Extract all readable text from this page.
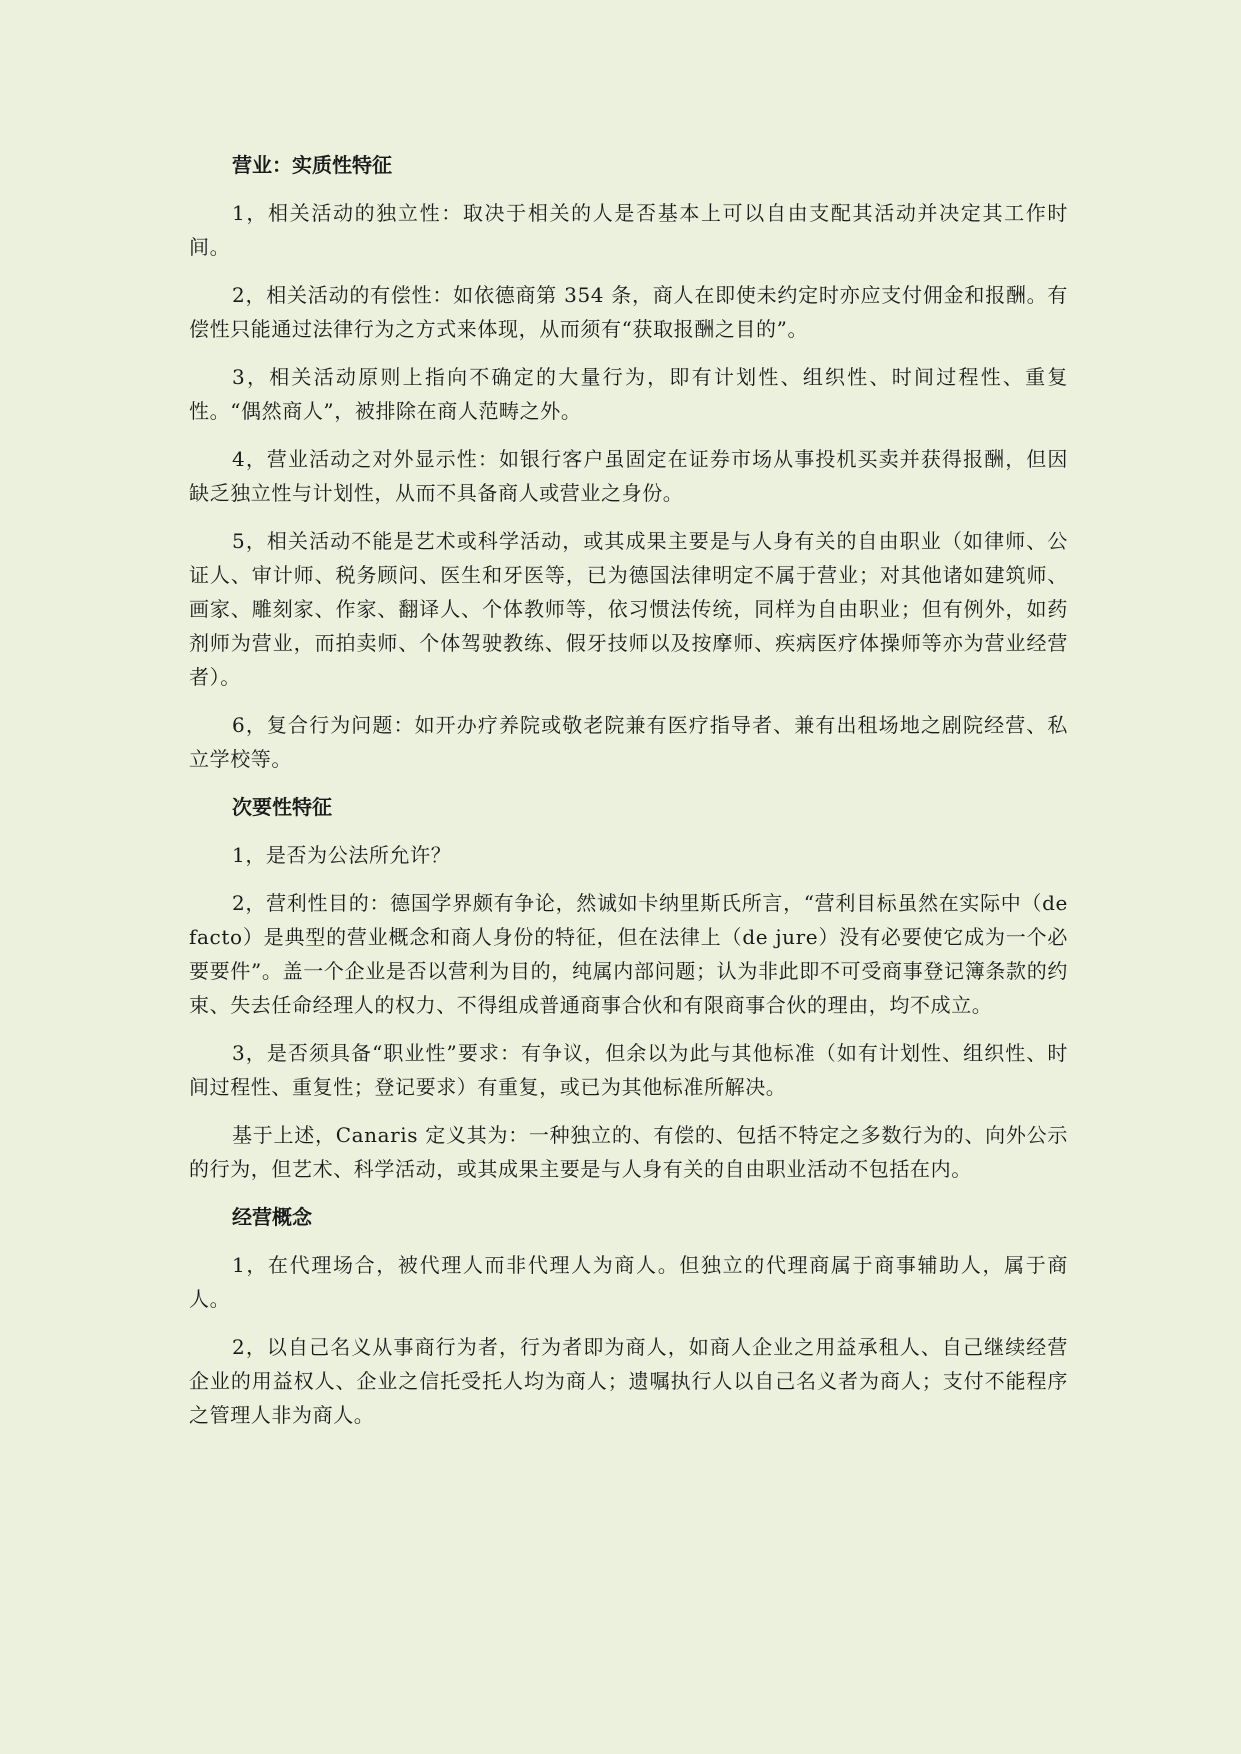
营业：实质性特征

1，相关活动的独立性：取决于相关的人是否基本上可以自由支配其活动并决定其工作时间。

2，相关活动的有偿性：如依德商第 354 条，商人在即使未约定时亦应支付佣金和报酬。有偿性只能通过法律行为之方式来体现，从而须有“获取报酬之目的”。

3，相关活动原则上指向不确定的大量行为，即有计划性、组织性、时间过程性、重复性。“偶然商人”，被排除在商人范畴之外。

4，营业活动之对外显示性：如银行客户虽固定在证券市场从事投机买卖并获得报酬，但因缺乏独立性与计划性，从而不具备商人或营业之身份。

5，相关活动不能是艺术或科学活动，或其成果主要是与人身有关的自由职业（如律师、公证人、审计师、税务顾问、医生和牙医等，已为德国法律明定不属于营业；对其他诸如建筑师、画家、雕刻家、作家、翻译人、个体教师等，依习惯法传统，同样为自由职业；但有例外，如药剂师为营业，而拍卖师、个体驾驶教练、假牙技师以及按摩师、疾病医疗体操师等亦为营业经营者）。

6，复合行为问题：如开办疗养院或敬老院兼有医疗指导者、兼有出租场地之剧院经营、私立学校等。

次要性特征

1，是否为公法所允许？

2，营利性目的：德国学界颇有争论，然诚如卡纳里斯氏所言，“营利目标虽然在实际中（de facto）是典型的营业概念和商人身份的特征，但在法律上（de jure）没有必要使它成为一个必要要件”。盖一个企业是否以营利为目的，纯属内部问题；认为非此即不可受商事登记簿条款的约束、失去任命经理人的权力、不得组成普通商事合伙和有限商事合伙的理由，均不成立。

3，是否须具备“职业性”要求：有争议，但余以为此与其他标准（如有计划性、组织性、时间过程性、重复性；登记要求）有重复，或已为其他标准所解决。

基于上述，Canaris 定义其为：一种独立的、有偿的、包括不特定之多数行为的、向外公示的行为，但艺术、科学活动，或其成果主要是与人身有关的自由职业活动不包括在内。

经营概念

1，在代理场合，被代理人而非代理人为商人。但独立的代理商属于商事辅助人，属于商人。

2，以自己名义从事商行为者，行为者即为商人，如商人企业之用益承租人、自己继续经营企业的用益权人、企业之信托受托人均为商人；遗嘱执行人以自己名义者为商人；支付不能程序之管理人非为商人。
